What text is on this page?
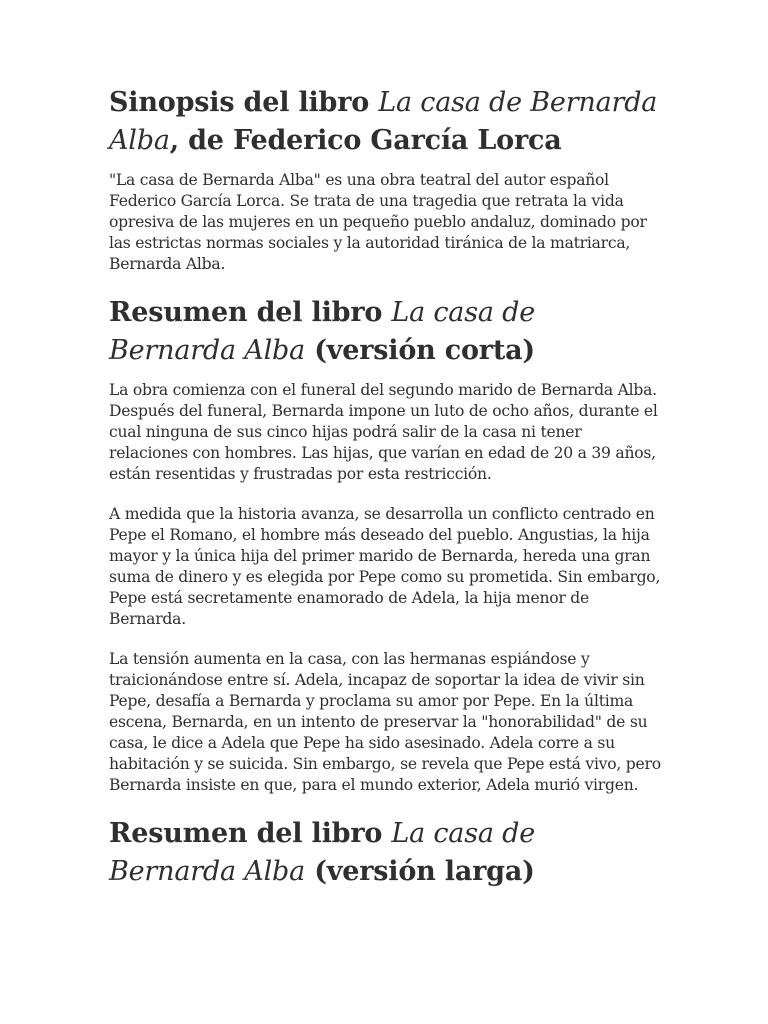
Sinopsis del libro La casa de Bernarda Alba, de Federico García Lorca

"La casa de Bernarda Alba" es una obra teatral del autor español Federico García Lorca. Se trata de una tragedia que retrata la vida opresiva de las mujeres en un pequeño pueblo andaluz, dominado por las estrictas normas sociales y la autoridad tiránica de la matriarca, Bernarda Alba.

Resumen del libro La casa de Bernarda Alba (versión corta)

La obra comienza con el funeral del segundo marido de Bernarda Alba. Después del funeral, Bernarda impone un luto de ocho años, durante el cual ninguna de sus cinco hijas podrá salir de la casa ni tener relaciones con hombres. Las hijas, que varían en edad de 20 a 39 años, están resentidas y frustradas por esta restricción.

A medida que la historia avanza, se desarrolla un conflicto centrado en Pepe el Romano, el hombre más deseado del pueblo. Angustias, la hija mayor y la única hija del primer marido de Bernarda, hereda una gran suma de dinero y es elegida por Pepe como su prometida. Sin embargo, Pepe está secretamente enamorado de Adela, la hija menor de Bernarda.

La tensión aumenta en la casa, con las hermanas espiándose y traicionándose entre sí. Adela, incapaz de soportar la idea de vivir sin Pepe, desafía a Bernarda y proclama su amor por Pepe. En la última escena, Bernarda, en un intento de preservar la "honorabilidad" de su casa, le dice a Adela que Pepe ha sido asesinado. Adela corre a su habitación y se suicida. Sin embargo, se revela que Pepe está vivo, pero Bernarda insiste en que, para el mundo exterior, Adela murió virgen.

Resumen del libro La casa de Bernarda Alba (versión larga)
